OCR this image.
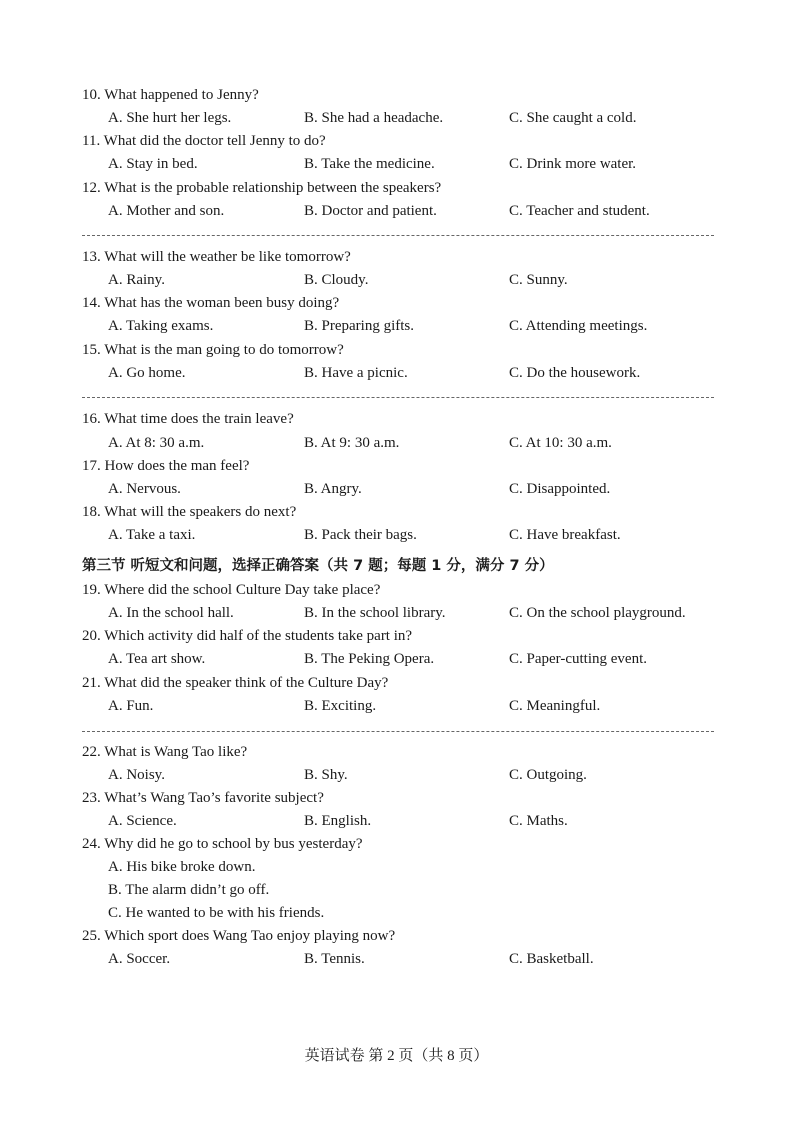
10. What happened to Jenny?
A. She hurt her legs.	B. She had a headache.	C. She caught a cold.
11. What did the doctor tell Jenny to do?
A. Stay in bed.	B. Take the medicine.	C. Drink more water.
12. What is the probable relationship between the speakers?
A. Mother and son.	B. Doctor and patient.	C. Teacher and student.
13. What will the weather be like tomorrow?
A. Rainy.	B. Cloudy.	C. Sunny.
14. What has the woman been busy doing?
A. Taking exams.	B. Preparing gifts.	C. Attending meetings.
15. What is the man going to do tomorrow?
A. Go home.	B. Have a picnic.	C. Do the housework.
16. What time does the train leave?
A. At 8: 30 a.m.	B. At 9: 30 a.m.	C. At 10: 30 a.m.
17. How does the man feel?
A. Nervous.	B. Angry.	C. Disappointed.
18. What will the speakers do next?
A. Take a taxi.	B. Pack their bags.	C. Have breakfast.
第三节 听短文和问题，选择正确答案（共 7 题；每题 1 分，满分 7 分）
19. Where did the school Culture Day take place?
A. In the school hall.	B. In the school library.	C. On the school playground.
20. Which activity did half of the students take part in?
A. Tea art show.	B. The Peking Opera.	C. Paper-cutting event.
21. What did the speaker think of the Culture Day?
A. Fun.	B. Exciting.	C. Meaningful.
22. What is Wang Tao like?
A. Noisy.	B. Shy.	C. Outgoing.
23. What’s Wang Tao’s favorite subject?
A. Science.	B. English.	C. Maths.
24. Why did he go to school by bus yesterday?
A. His bike broke down.
B. The alarm didn’t go off.
C. He wanted to be with his friends.
25. Which sport does Wang Tao enjoy playing now?
A. Soccer.	B. Tennis.	C. Basketball.
英语试卷 第 2 页（共 8 页）
